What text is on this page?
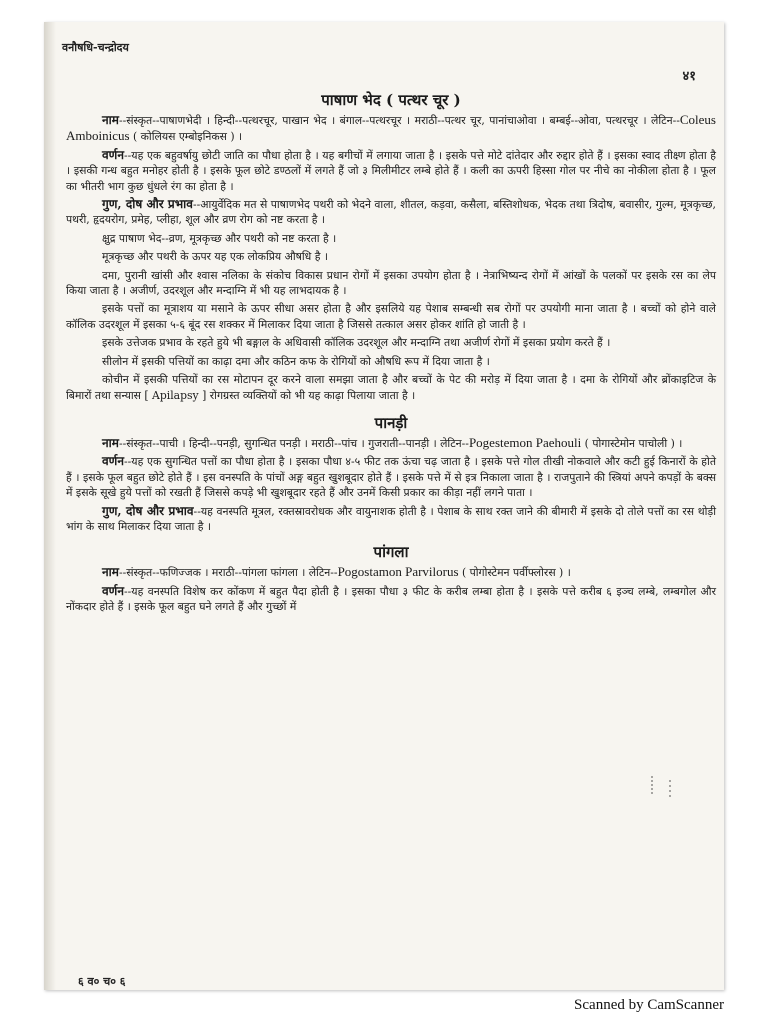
वनौषधि-चन्द्रोदय
४१
पाषाण भेद ( पत्थर चूर )

नाम--संस्कृत--पाषाणभेदी । हिन्दी--पत्थरचूर, पाखान भेद । बंगाल--पत्थरचूर । मराठी--पत्थर चूर, पानांचाओवा । बम्बई--ओवा, पत्थरचूर । लेटिन--Coleus Amboinicus ( कोलियस एम्बोइनिकस ) ।

वर्णन--यह एक बहुवर्षायु छोटी जाति का पौधा होता है । यह बगीचों में लगाया जाता है । इसके पत्ते मोटे दांतेदार और रुद्दार होते हैं । इसका स्वाद तीक्ष्ण होता है । इसकी गन्ध बहुत मनोहर होती है । इसके फूल छोटे डण्ठलों में लगते हैं जो ३ मिलीमीटर लम्बे होते हैं । कली का ऊपरी हिस्सा गोल पर नीचे का नोकीला होता है । फूल का भीतरी भाग कुछ धुंधले रंग का होता है ।

गुण, दोष और प्रभाव--आयुर्वेदिक मत से पाषाणभेद पथरी को भेदने वाला, शीतल, कड़वा, कसैला, बस्तिशोधक, भेदक तथा त्रिदोष, बवासीर, गुल्म, मूत्रकृच्छ, पथरी, हृदयरोग, प्रमेह, प्लीहा, शूल और व्रण रोग को नष्ट करता है ।

क्षुद्र पाषाण भेद--व्रण, मूत्रकृच्छ और पथरी को नष्ट करता है ।

मूत्रकृच्छ और पथरी के ऊपर यह एक लोकप्रिय औषधि है ।

दमा, पुरानी खांसी और श्वास नलिका के संकोच विकास प्रधान रोगों में इसका उपयोग होता है । नेत्राभिष्यन्द रोगों में आंखों के पलकों पर इसके रस का लेप किया जाता है । अजीर्ण, उदरशूल और मन्दाग्नि में भी यह लाभदायक है ।

इसके पत्तों का मूत्राशय या मसाने के ऊपर सीधा असर होता है और इसलिये यह पेशाब सम्बन्धी सब रोगों पर उपयोगी माना जाता है । बच्चों को होने वाले कॉलिक उदरशूल में इसका ५-६ बूंद रस शक्कर में मिलाकर दिया जाता है जिससे तत्काल असर होकर शांति हो जाती है ।

इसके उत्तेजक प्रभाव के रहते हुये भी बङ्गाल के अधिवासी कॉलिक उदरशूल और मन्दाग्नि तथा अजीर्ण रोगों में इसका प्रयोग करते हैं ।

सीलोन में इसकी पत्तियों का काढ़ा दमा और कठिन कफ के रोगियों को औषधि रूप में दिया जाता है ।

कोचीन में इसकी पत्तियों का रस मोटापन दूर करने वाला समझा जाता है और बच्चों के पेट की मरोड़ में दिया जाता है । दमा के रोगियों और ब्रोंकाइटिज के बिमारों तथा सन्यास [ Apilapsy ] रोगग्रस्त व्यक्तियों को भी यह काढ़ा पिलाया जाता है ।

पानड़ी

नाम--संस्कृत--पाची । हिन्दी--पनड़ी, सुगन्धित पनड़ी । मराठी--पांच । गुजराती--पानड़ी । लेटिन--Pogestemon Paehouli ( पोगास्टेमोन पाचोली ) ।

वर्णन--यह एक सुगन्धित पत्तों का पौधा होता है । इसका पौधा ४-५ फीट तक ऊंचा चढ़ जाता है । इसके पत्ते गोल तीखी नोकवाले और कटी हुई किनारों के होते हैं । इसके फूल बहुत छोटे होते हैं । इस वनस्पति के पांचों अङ्ग बहुत खुशबूदार होते हैं । इसके पत्ते में से इत्र निकाला जाता है । राजपुताने की स्त्रियां अपने कपड़ों के बक्स में इसके सूखे हुये पत्तों को रखती हैं जिससे कपड़े भी खुशबूदार रहते हैं और उनमें किसी प्रकार का कीड़ा नहीं लगने पाता ।

गुण, दोष और प्रभाव--यह वनस्पति मूत्रल, रक्तस्रावरोधक और वायुनाशक होती है । पेशाब के साथ रक्त जाने की बीमारी में इसके दो तोले पत्तों का रस थोड़ी भांग के साथ मिलाकर दिया जाता है ।

पांगला

नाम--संस्कृत--फणिज्जक । मराठी--पांगला फांगला । लेटिन--Pogostamon Parvilorus ( पोगोस्टेमन पर्वीफ्लोरस ) ।

वर्णन--यह वनस्पति विशेष कर कोंकण में बहुत पैदा होती है । इसका पौधा ३ फीट के करीब लम्बा होता है । इसके पत्ते करीब ६ इञ्च लम्बे, लम्बगोल और नोंकदार होते हैं । इसके फूल बहुत घने लगते हैं और गुच्छों में

६ व० च० ६
Scanned by CamScanner
